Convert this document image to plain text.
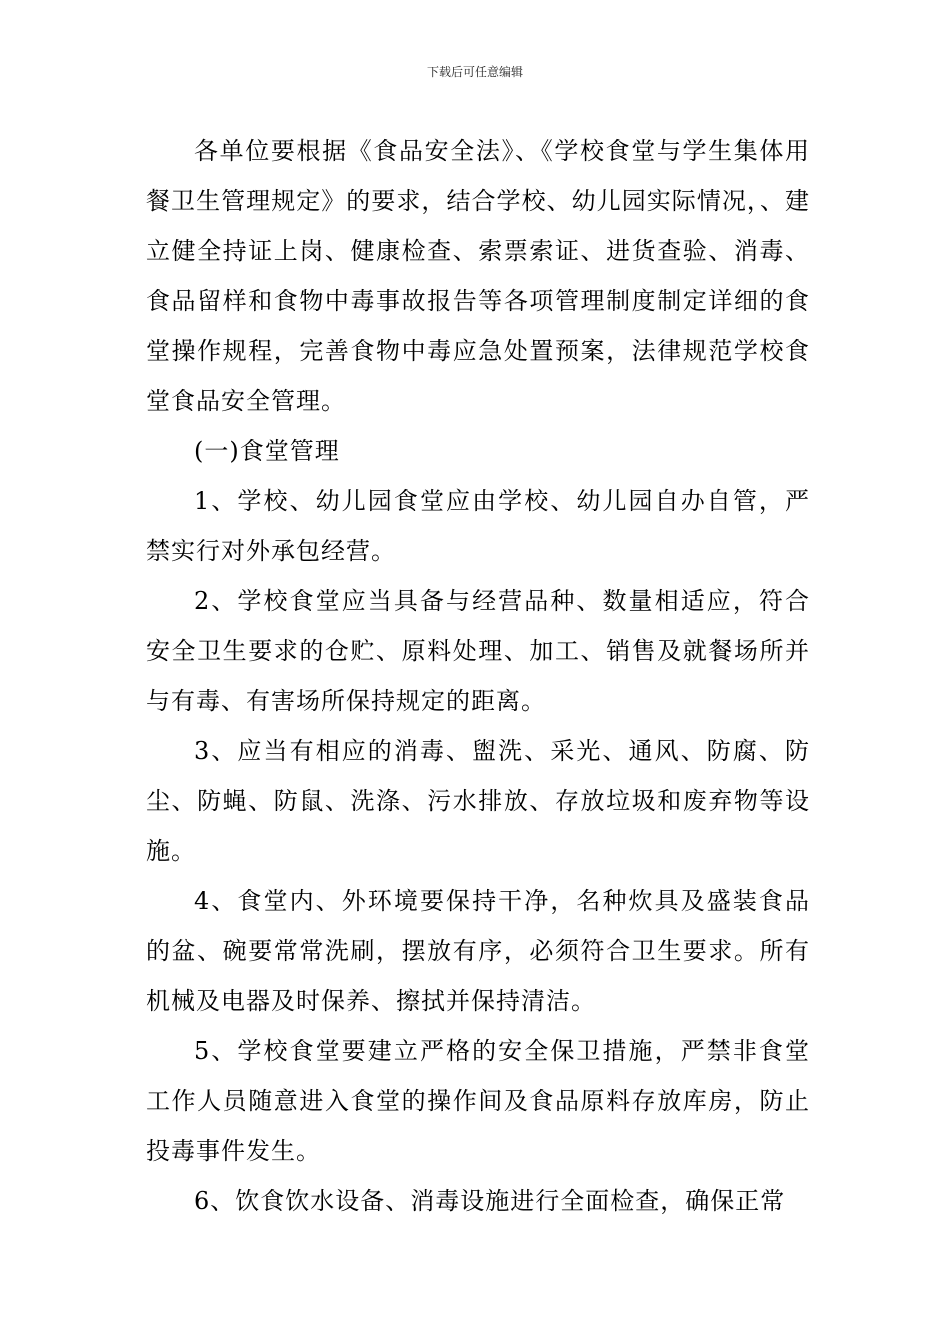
下载后可任意编辑

各单位要根据《食品安全法》、《学校食堂与学生集体用餐卫生管理规定》的要求，结合学校、幼儿园实际情况，、建立健全持证上岗、健康检查、索票索证、进货查验、消毒、食品留样和食物中毒事故报告等各项管理制度制定详细的食堂操作规程，完善食物中毒应急处置预案，法律规范学校食堂食品安全管理。

(一)食堂管理

1、学校、幼儿园食堂应由学校、幼儿园自办自管，严禁实行对外承包经营。

2、学校食堂应当具备与经营品种、数量相适应，符合安全卫生要求的仓贮、原料处理、加工、销售及就餐场所并与有毒、有害场所保持规定的距离。

3、应当有相应的消毒、盥洗、采光、通风、防腐、防尘、防蝇、防鼠、洗涤、污水排放、存放垃圾和废弃物等设施。

4、食堂内、外环境要保持干净，名种炊具及盛装食品的盆、碗要常常洗刷，摆放有序，必须符合卫生要求。所有机械及电器及时保养、擦拭并保持清洁。

5、学校食堂要建立严格的安全保卫措施，严禁非食堂工作人员随意进入食堂的操作间及食品原料存放库房，防止投毒事件发生。

6、饮食饮水设备、消毒设施进行全面检查，确保正常
